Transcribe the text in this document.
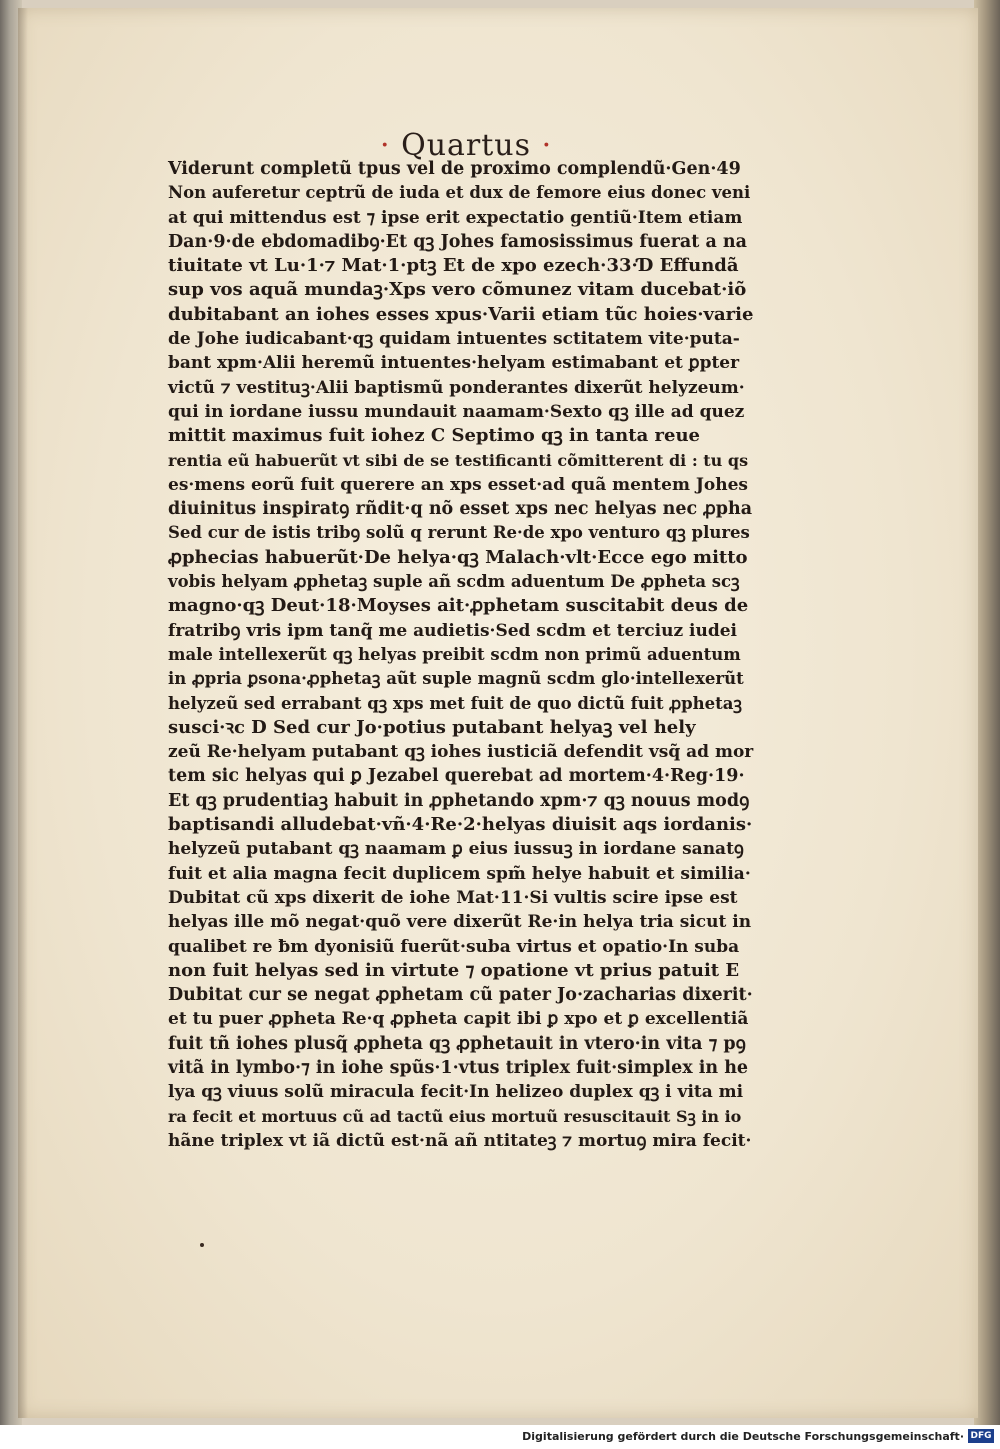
· Quartus ·
Viderunt completũ tpus vel de proximo complendũ·Gen·49
Non auferetur ceptrũ de iuda et dux de femore eius donec veni
at qui mittendus est ⁊ ipse erit expectatio gentiũ·Item etiam
Dan·9·de ebdomadibꝯ·Et qꝫ Johes famosissimus fuerat a na
tiuitate vt Lu·1·⁊ Mat·1·ptꝫ Et de xpo ezech·33·Ɗ Effundã
sup vos aquã mundaꝫ·Xps vero cõmunez vitam ducebat·iõ
dubitabant an iohes esses xpus·Varii etiam tũc hoies·varie
de Johe iudicabant·qꝫ quidam intuentes sctitatem vite·puta-
bant xpm·Alii heremũ intuentes·helyam estimabant et ꝑpter
victũ ⁊ vestituꝫ·Alii baptismũ ponderantes dixerũt helyzeum·
qui in iordane iussu mundauit naamam·Sexto qꝫ ille ad quez
mittit maximus fuit iohez C Septimo qꝫ in tanta reue
rentia eũ habuerũt vt sibi de se testificanti cõmitterent di : tu qs
es·mens eorũ fuit querere an xps esset·ad quã mentem Johes
diuinitus inspiratꝯ rñdit·q nõ esset xps nec helyas nec ꝓpha
Sed cur de istis tribꝯ solũ q rerunt Re·de xpo venturo qꝫ plures
ꝓphecias habuerũt·De helya·qꝫ Malach·vlt·Ecce ego mitto
vobis helyam ꝓphetaꝫ suple añ scdm aduentum De ꝓpheta scꝫ
magno·qꝫ Deut·18·Moyses ait·ꝓphetam suscitabit deus de
fratribꝯ vris ipm tanq̃ me audietis·Sed scdm et terciuz iudei
male intellexerũt qꝫ helyas preibit scdm non primũ aduentum
in ꝓpria ꝑsona·ꝓphetaꝫ aũt suple magnũ scdm glo·intellexerũt
helyzeũ sed errabant qꝫ xps met fuit de quo dictũ fuit ꝓphetaꝫ
susci·ꝛc D Sed cur Jo·potius putabant helyaꝫ vel hely
zeũ Re·helyam putabant qꝫ iohes iusticiã defendit vsq̃ ad mor
tem sic helyas qui ꝑ Jezabel querebat ad mortem·4·Reg·19·
Et qꝫ prudentiaꝫ habuit in ꝓphetando xpm·⁊ qꝫ nouus modꝯ
baptisandi alludebat·vñ·4·Re·2·helyas diuisit aqs iordanis·
helyzeũ putabant qꝫ naamam ꝑ eius iussuꝫ in iordane sanatꝯ
fuit et alia magna fecit duplicem spm̃ helye habuit et similia·
Dubitat cũ xps dixerit de iohe Mat·11·Si vultis scire ipse est
helyas ille mõ negat·quõ vere dixerũt Re·in helya tria sicut in
qualibet re ƀm dyonisiũ fuerũt·suba virtus et opatio·In suba
non fuit helyas sed in virtute ⁊ opatione vt prius patuit E
Dubitat cur se negat ꝓphetam cũ pater Jo·zacharias dixerit·
et tu puer ꝓpheta Re·q ꝓpheta capit ibi ꝑ xpo et ꝑ excellentiã
fuit tñ iohes plusq̃ ꝓpheta qꝫ ꝓphetauit in vtero·in vita ⁊ pꝯ
vitã in lymbo·⁊ in iohe spũs·1·vtus triplex fuit·simplex in he
lya qꝫ viuus solũ miracula fecit·In helizeo duplex qꝫ i vita mi
ra fecit et mortuus cũ ad tactũ eius mortuũ resuscitauit Sꝫ in io
hãne triplex vt iã dictũ est·nã añ ntitateꝫ ⁊ mortuꝯ mira fecit·
Digitalisierung gefördert durch die Deutsche Forschungsgemeinschaft· DFG
